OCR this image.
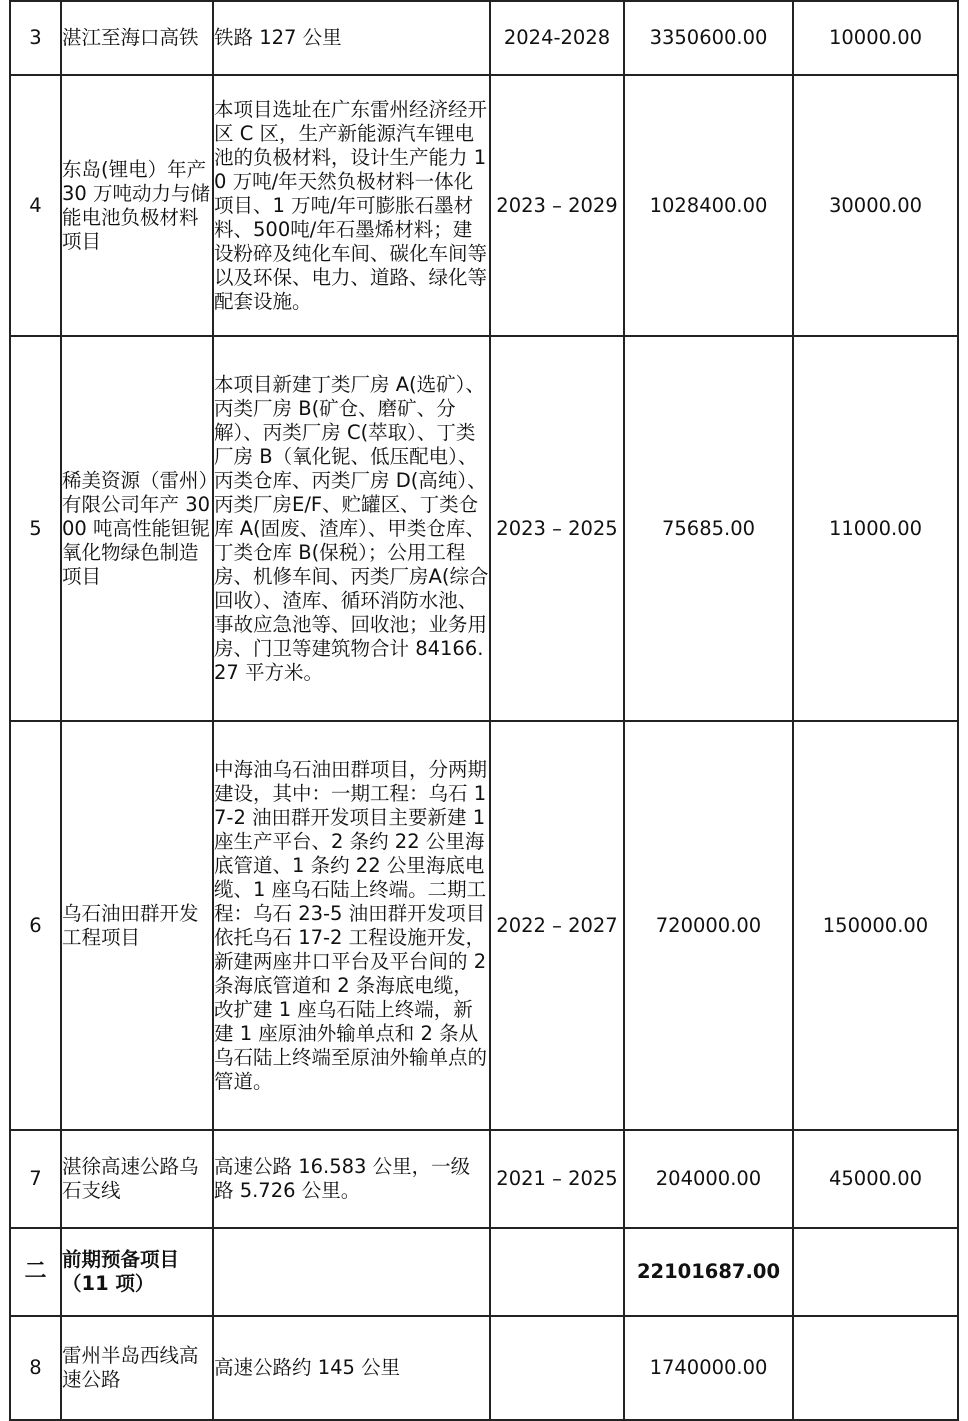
3	湛江至海口高铁	铁路 127 公里	2024-2028	3350600.00	10000.00
4	东岛(锂电）年产 30 万吨动力与储能电池负极材料项目	本项目选址在广东雷州经济经开区 C 区，生产新能源汽车锂电池的负极材料，设计生产能力 10 万吨/年天然负极材料一体化项目、1 万吨/年可膨胀石墨材料、500吨/年石墨烯材料；建设粉碎及纯化车间、碳化车间等以及环保、电力、道路、绿化等配套设施。	2023 – 2029	1028400.00	30000.00
5	稀美资源（雷州）有限公司年产 3000 吨高性能钽铌氧化物绿色制造项目	本项目新建丁类厂房 A(选矿）、丙类厂房 B(矿仓、磨矿、分解）、丙类厂房 C(萃取）、丁类厂房 B（氧化铌、低压配电）、丙类仓库、丙类厂房 D(高纯）、丙类厂房E/F、贮罐区、丁类仓库 A(固废、渣库）、甲类仓库、丁类仓库 B(保税）；公用工程房、机修车间、丙类厂房A(综合回收）、渣库、循环消防水池、事故应急池等、回收池；业务用房、门卫等建筑物合计 84166.27 平方米。	2023 – 2025	75685.00	11000.00
6	乌石油田群开发工程项目	中海油乌石油田群项目，分两期建设，其中：一期工程：乌石 17-2 油田群开发项目主要新建 1 座生产平台、2 条约 22 公里海底管道、1 条约 22 公里海底电缆、1 座乌石陆上终端。二期工程：乌石 23-5 油田群开发项目依托乌石 17-2 工程设施开发，新建两座井口平台及平台间的 2 条海底管道和 2 条海底电缆，改扩建 1 座乌石陆上终端，新建 1 座原油外输单点和 2 条从乌石陆上终端至原油外输单点的管道。	2022 – 2027	720000.00	150000.00
7	湛徐高速公路乌石支线	高速公路 16.583 公里，一级路 5.726 公里。	2021 – 2025	204000.00	45000.00
二	前期预备项目（11 项）			22101687.00	
8	雷州半岛西线高速公路	高速公路约 145 公里		1740000.00	
